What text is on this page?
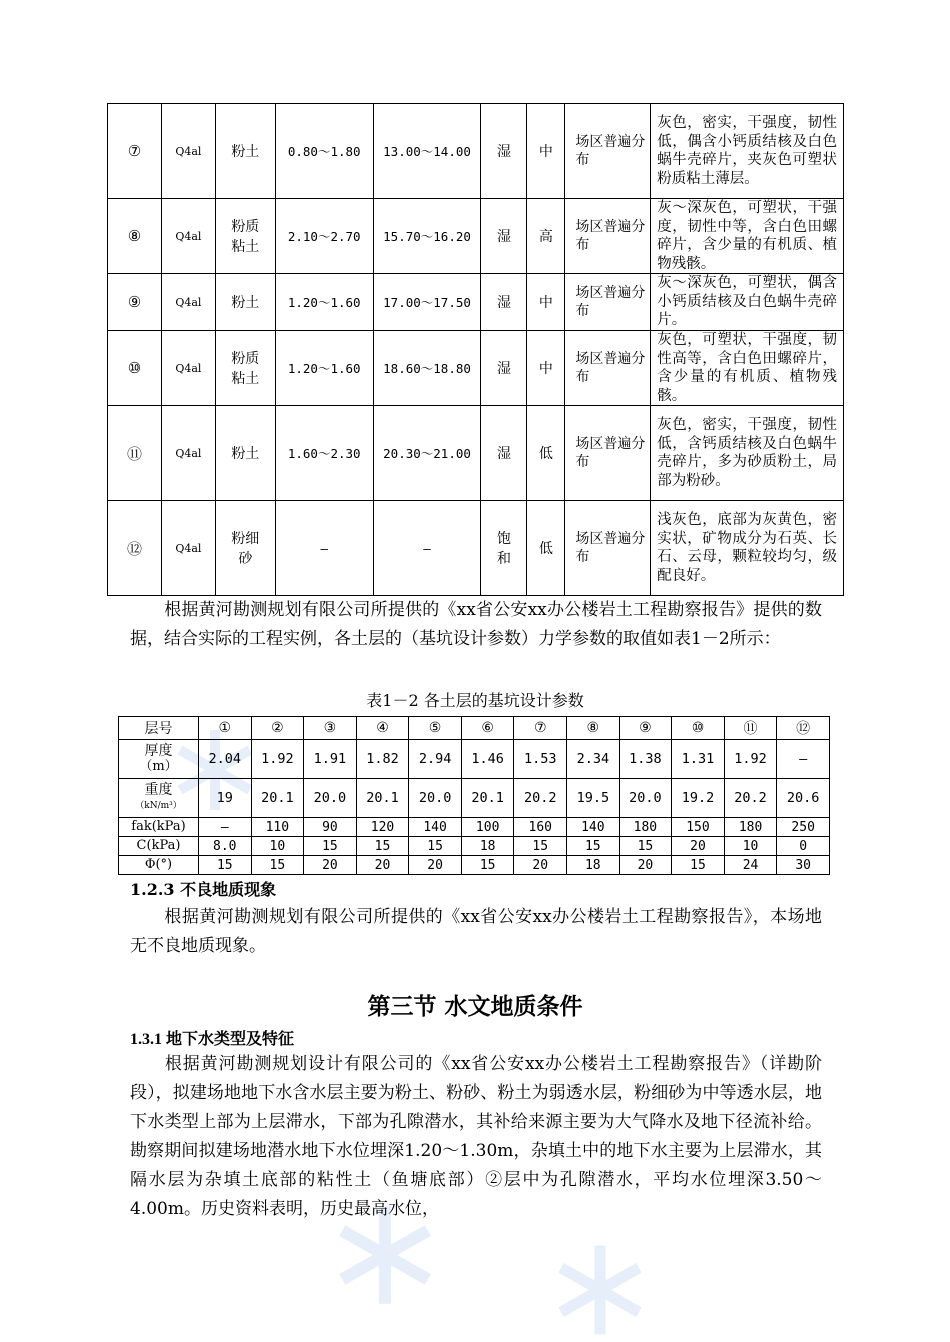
⑦	Q4al	粉土	0.80～1.80	13.00～14.00	湿	中	场区普遍分布	灰色，密实，干强度，韧性低，偶含小钙质结核及白色蜗牛壳碎片，夹灰色可塑状粉质粘土薄层。
⑧	Q4al	粉质粘土	2.10～2.70	15.70～16.20	湿	高	场区普遍分布	灰～深灰色，可塑状，干强度，韧性中等，含白色田螺碎片，含少量的有机质、植物残骸。
⑨	Q4al	粉土	1.20～1.60	17.00～17.50	湿	中	场区普遍分布	灰～深灰色，可塑状，偶含小钙质结核及白色蜗牛壳碎片。
⑩	Q4al	粉质粘土	1.20～1.60	18.60～18.80	湿	中	场区普遍分布	灰色，可塑状，干强度，韧性高等，含白色田螺碎片，含少量的有机质、植物残骸。
⑪	Q4al	粉土	1.60～2.30	20.30～21.00	湿	低	场区普遍分布	灰色，密实，干强度，韧性低，含钙质结核及白色蜗牛壳碎片，多为砂质粉土，局部为粉砂。
⑫	Q4al	粉细砂	—	—	饱和	低	场区普遍分布	浅灰色，底部为灰黄色，密实状，矿物成分为石英、长石、云母，颗粒较均匀，级配良好。
根据黄河勘测规划有限公司所提供的《xx省公安xx办公楼岩土工程勘察报告》提供的数据，结合实际的工程实例，各土层的（基坑设计参数）力学参数的取值如表1－2所示：
表1－2 各土层的基坑设计参数
层号	①	②	③	④	⑤	⑥	⑦	⑧	⑨	⑩	⑪	⑫

厚度
（m）	2.04	1.92	1.91	1.82	2.94	1.46	1.53	2.34	1.38	1.31	1.92	—

重度
（kN/m³）	19	20.1	20.0	20.1	20.0	20.1	20.2	19.5	20.0	19.2	20.2	20.6

fak(kPa)	—	110	90	120	140	100	160	140	180	150	180	250

C(kPa)	8.0	10	15	15	15	18	15	15	15	20	10	0

Φ(°)	15	15	20	20	20	15	20	18	20	15	24	30
1.2.3 不良地质现象
根据黄河勘测规划有限公司所提供的《xx省公安xx办公楼岩土工程勘察报告》，本场地无不良地质现象。
第三节 水文地质条件
1.3.1 地下水类型及特征
根据黄河勘测规划设计有限公司的《xx省公安xx办公楼岩土工程勘察报告》（详勘阶段），拟建场地地下水含水层主要为粉土、粉砂、粉土为弱透水层，粉细砂为中等透水层，地下水类型上部为上层滞水，下部为孔隙潜水，其补给来源主要为大气降水及地下径流补给。勘察期间拟建场地潜水地下水位埋深1.20～1.30m，杂填土中的地下水主要为上层滞水，其隔水层为杂填土底部的粘性土（鱼塘底部）②层中为孔隙潜水，平均水位埋深3.50～4.00m。历史资料表明，历史最高水位，
